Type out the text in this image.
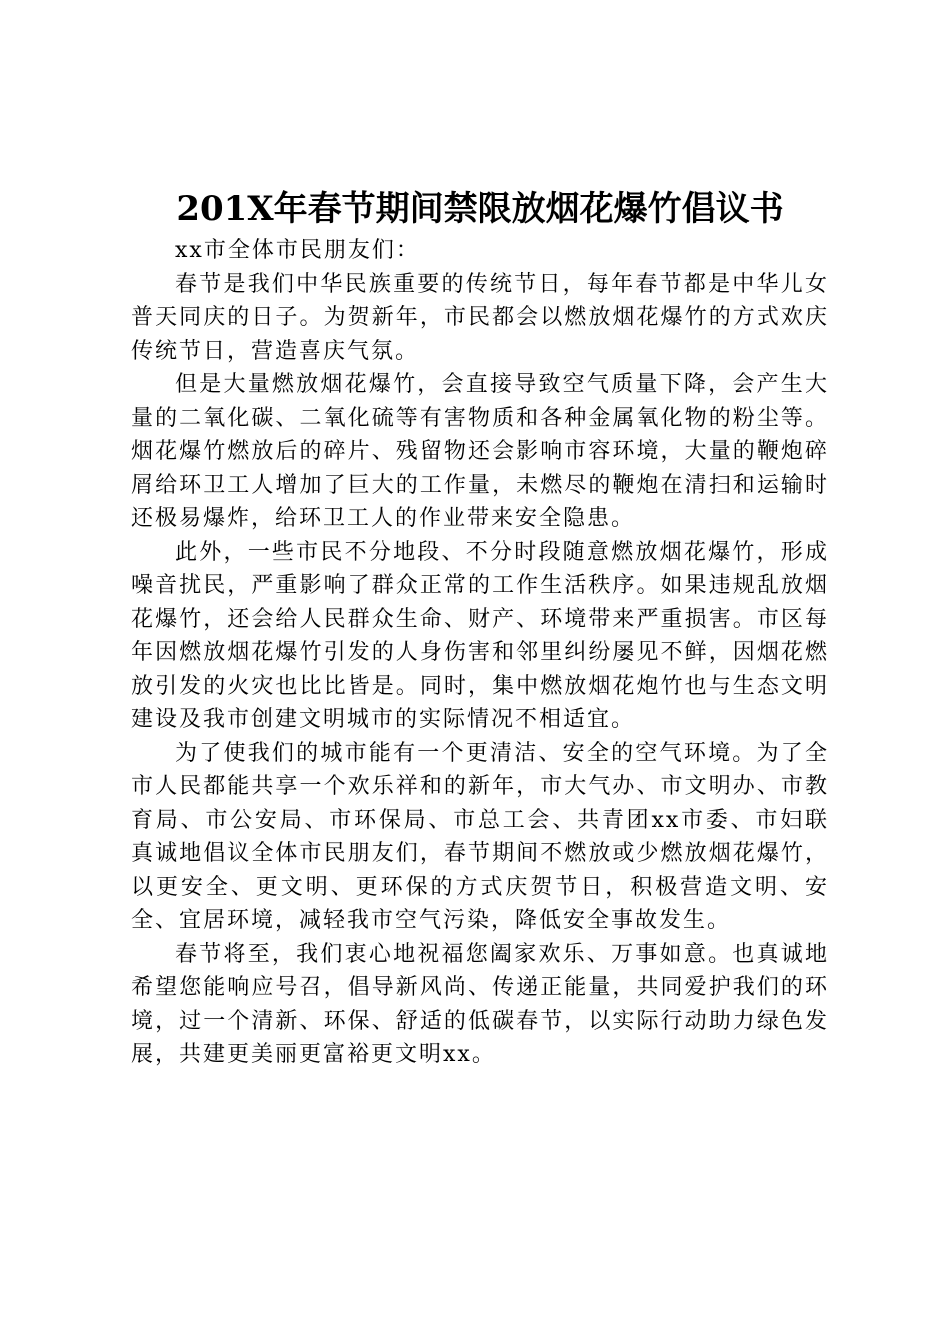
201X年春节期间禁限放烟花爆竹倡议书

xx市全体市民朋友们：

春节是我们中华民族重要的传统节日，每年春节都是中华儿女普天同庆的日子。为贺新年，市民都会以燃放烟花爆竹的方式欢庆传统节日，营造喜庆气氛。

但是大量燃放烟花爆竹，会直接导致空气质量下降，会产生大量的二氧化碳、二氧化硫等有害物质和各种金属氧化物的粉尘等。烟花爆竹燃放后的碎片、残留物还会影响市容环境，大量的鞭炮碎屑给环卫工人增加了巨大的工作量，未燃尽的鞭炮在清扫和运输时还极易爆炸，给环卫工人的作业带来安全隐患。

此外，一些市民不分地段、不分时段随意燃放烟花爆竹，形成噪音扰民，严重影响了群众正常的工作生活秩序。如果违规乱放烟花爆竹，还会给人民群众生命、财产、环境带来严重损害。市区每年因燃放烟花爆竹引发的人身伤害和邻里纠纷屡见不鲜，因烟花燃放引发的火灾也比比皆是。同时，集中燃放烟花炮竹也与生态文明建设及我市创建文明城市的实际情况不相适宜。

为了使我们的城市能有一个更清洁、安全的空气环境。为了全市人民都能共享一个欢乐祥和的新年，市大气办、市文明办、市教育局、市公安局、市环保局、市总工会、共青团xx市委、市妇联真诚地倡议全体市民朋友们，春节期间不燃放或少燃放烟花爆竹，以更安全、更文明、更环保的方式庆贺节日，积极营造文明、安全、宜居环境，减轻我市空气污染，降低安全事故发生。

春节将至，我们衷心地祝福您阖家欢乐、万事如意。也真诚地希望您能响应号召，倡导新风尚、传递正能量，共同爱护我们的环境，过一个清新、环保、舒适的低碳春节，以实际行动助力绿色发展，共建更美丽更富裕更文明xx。
